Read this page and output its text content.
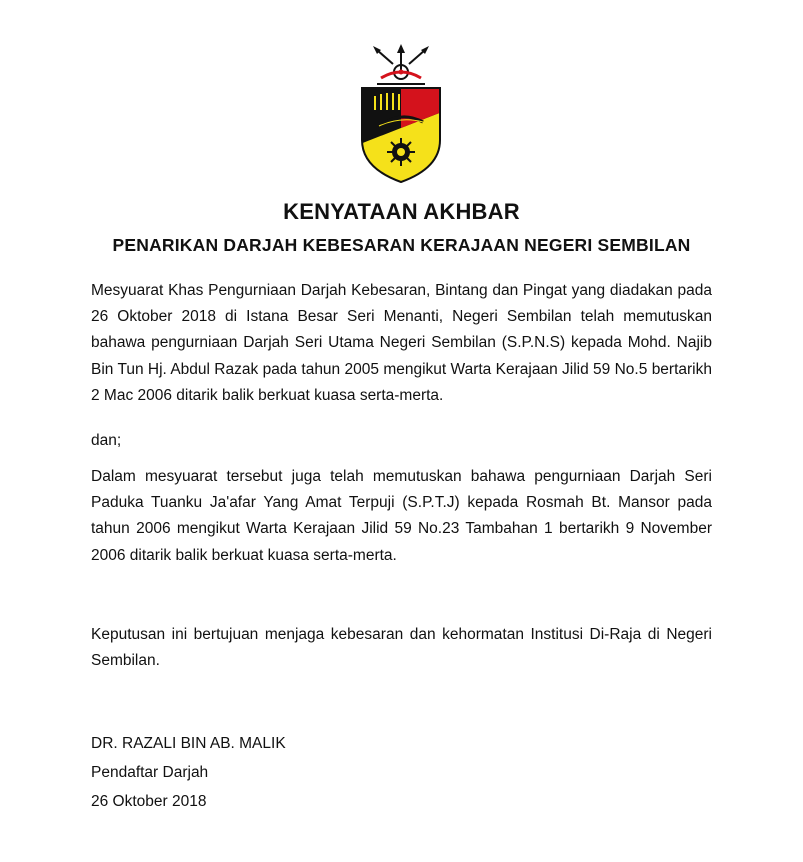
KENYATAAN AKHBAR
PENARIKAN DARJAH KEBESARAN KERAJAAN NEGERI SEMBILAN

Mesyuarat Khas Pengurniaan Darjah Kebesaran, Bintang dan Pingat yang diadakan pada 26 Oktober 2018 di Istana Besar Seri Menanti, Negeri Sembilan telah memutuskan bahawa pengurniaan Darjah Seri Utama Negeri Sembilan (S.P.N.S) kepada Mohd. Najib Bin Tun Hj. Abdul Razak pada tahun 2005 mengikut Warta Kerajaan Jilid 59 No.5 bertarikh 2 Mac 2006 ditarik balik berkuat kuasa serta-merta.

dan;

Dalam mesyuarat tersebut juga telah memutuskan bahawa pengurniaan Darjah Seri Paduka Tuanku Ja'afar Yang Amat Terpuji (S.P.T.J) kepada Rosmah Bt. Mansor pada tahun 2006 mengikut Warta Kerajaan Jilid 59 No.23 Tambahan 1 bertarikh 9 November 2006 ditarik balik berkuat kuasa serta-merta.

Keputusan ini bertujuan menjaga kebesaran dan kehormatan Institusi Di-Raja di Negeri Sembilan.

DR. RAZALI BIN AB. MALIK
Pendaftar Darjah
26 Oktober 2018
